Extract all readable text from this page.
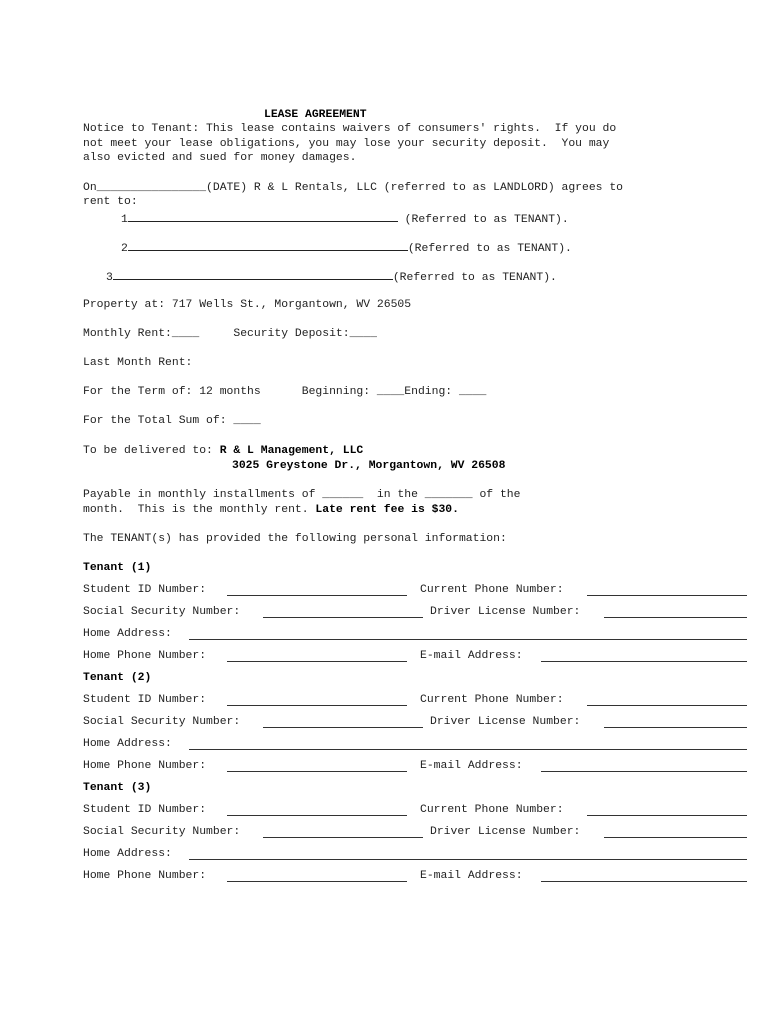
LEASE AGREEMENT
Notice to Tenant: This lease contains waivers of consumers' rights.  If you do
not meet your lease obligations, you may lose your security deposit.  You may
also evicted and sued for money damages.
On________________(DATE) R & L Rentals, LLC (referred to as LANDLORD) agrees to
rent to:
1	(Referred to as TENANT).
2	(Referred to as TENANT).
3	(Referred to as TENANT).
Property at: 717 Wells St., Morgantown, WV 26505
Monthly Rent:____     Security Deposit:____
Last Month Rent:
For the Term of: 12 months      Beginning: ____Ending: ____
For the Total Sum of: ____
To be delivered to: R & L Management, LLC
3025 Greystone Dr., Morgantown, WV 26508
Payable in monthly installments of ______  in the _______ of the
month.  This is the monthly rent. Late rent fee is $30.
The TENANT(s) has provided the following personal information:
Tenant (1)
Student ID Number:	Current Phone Number:
Social Security Number:	Driver License Number:
Home Address:
Home Phone Number:	E-mail Address:
Tenant (2)
Student ID Number:	Current Phone Number:
Social Security Number:	Driver License Number:
Home Address:
Home Phone Number:	E-mail Address:
Tenant (3)
Student ID Number:	Current Phone Number:
Social Security Number:	Driver License Number:
Home Address:
Home Phone Number:	E-mail Address:
